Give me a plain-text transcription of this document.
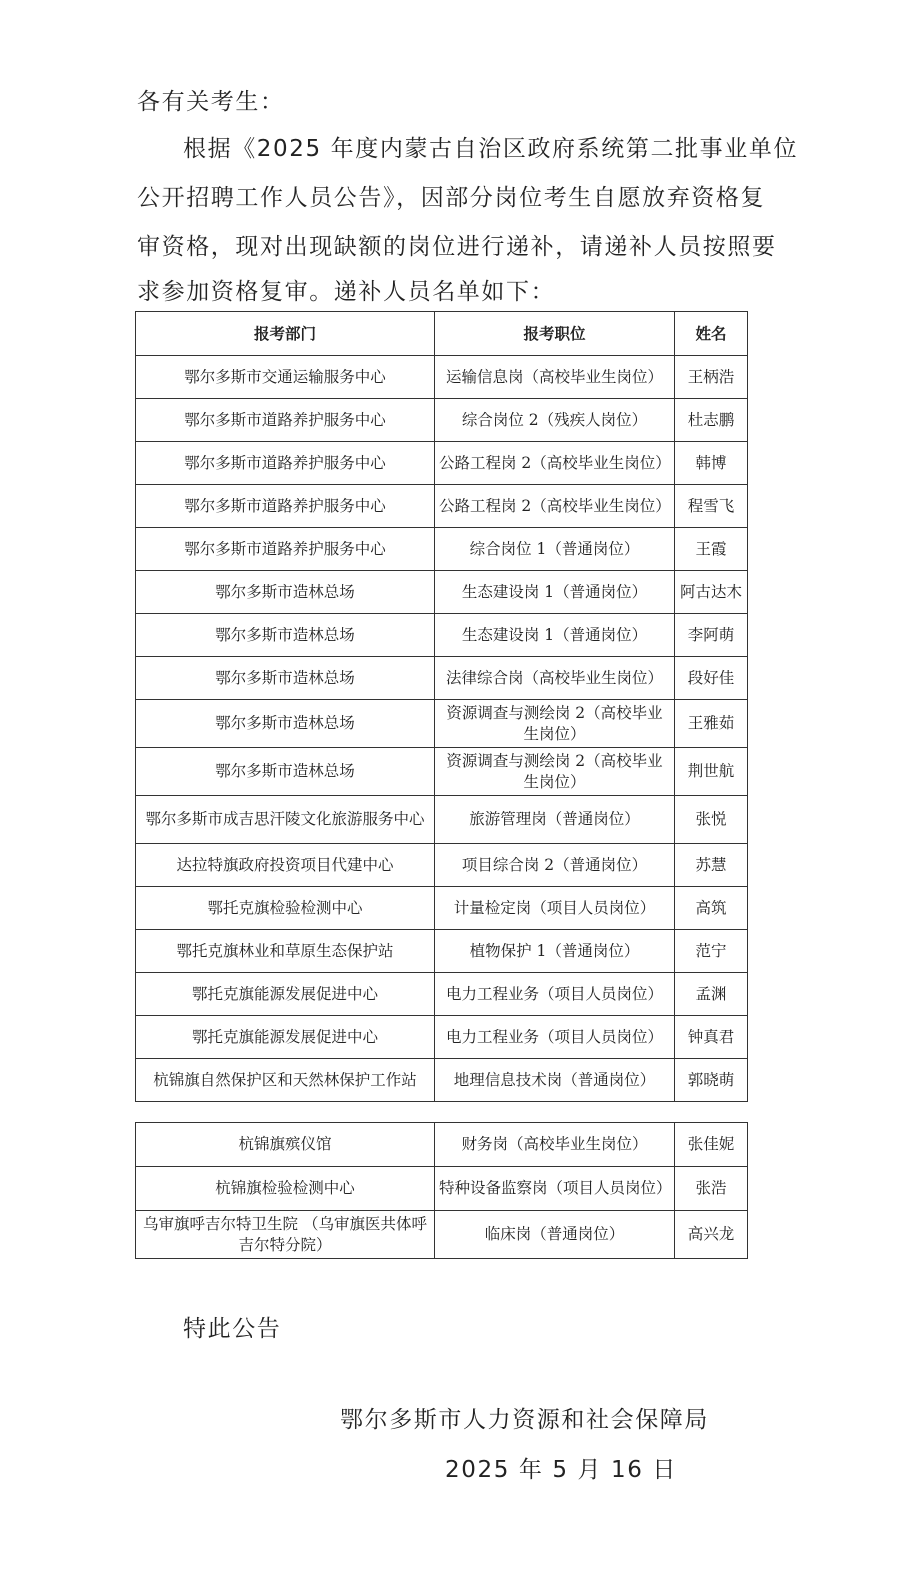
各有关考生：

根据《2025 年度内蒙古自治区政府系统第二批事业单位

公开招聘工作人员公告》，因部分岗位考生自愿放弃资格复

审资格，现对出现缺额的岗位进行递补，请递补人员按照要

求参加资格复审。递补人员名单如下：

报考部门	报考职位	姓名
鄂尔多斯市交通运输服务中心	运输信息岗（高校毕业生岗位）	王柄浩
鄂尔多斯市道路养护服务中心	综合岗位 2（残疾人岗位）	杜志鹏
鄂尔多斯市道路养护服务中心	公路工程岗 2（高校毕业生岗位）	韩博
鄂尔多斯市道路养护服务中心	公路工程岗 2（高校毕业生岗位）	程雪飞
鄂尔多斯市道路养护服务中心	综合岗位 1（普通岗位）	王霞
鄂尔多斯市造林总场	生态建设岗 1（普通岗位）	阿古达木
鄂尔多斯市造林总场	生态建设岗 1（普通岗位）	李阿萌
鄂尔多斯市造林总场	法律综合岗（高校毕业生岗位）	段好佳
鄂尔多斯市造林总场	资源调查与测绘岗 2（高校毕业生岗位）	王雅茹
鄂尔多斯市造林总场	资源调查与测绘岗 2（高校毕业生岗位）	荆世航
鄂尔多斯市成吉思汗陵文化旅游服务中心	旅游管理岗（普通岗位）	张悦
达拉特旗政府投资项目代建中心	项目综合岗 2（普通岗位）	苏慧
鄂托克旗检验检测中心	计量检定岗（项目人员岗位）	高筑
鄂托克旗林业和草原生态保护站	植物保护 1（普通岗位）	范宁
鄂托克旗能源发展促进中心	电力工程业务（项目人员岗位）	孟渊
鄂托克旗能源发展促进中心	电力工程业务（项目人员岗位）	钟真君
杭锦旗自然保护区和天然林保护工作站	地理信息技术岗（普通岗位）	郭晓萌
杭锦旗殡仪馆	财务岗（高校毕业生岗位）	张佳妮
杭锦旗检验检测中心	特种设备监察岗（项目人员岗位）	张浩
乌审旗呼吉尔特卫生院 （乌审旗医共体呼吉尔特分院）	临床岗（普通岗位）	高兴龙

特此公告

鄂尔多斯市人力资源和社会保障局

2025 年 5 月 16 日
